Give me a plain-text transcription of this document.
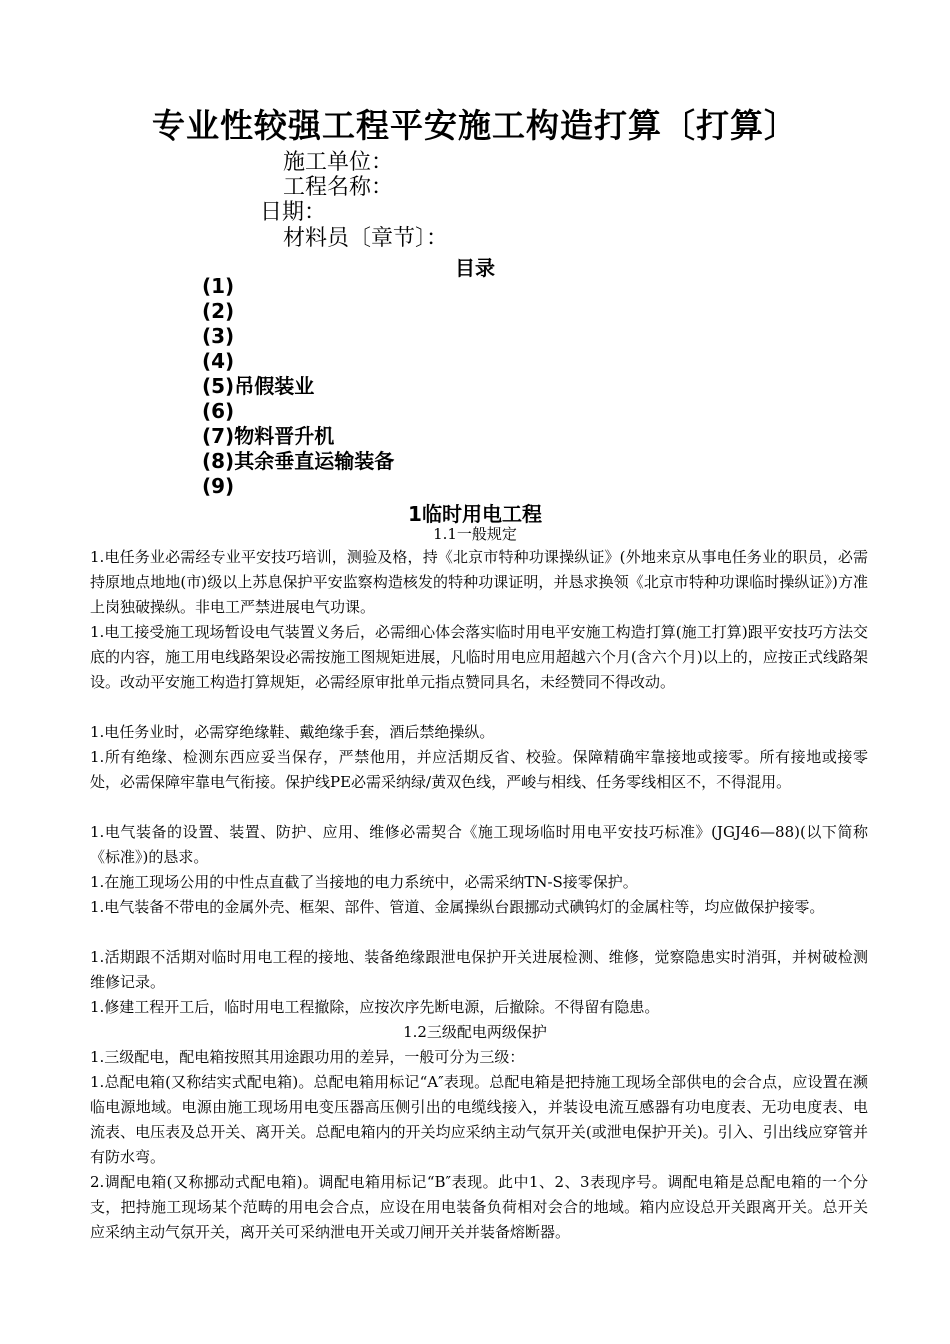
专业性较强工程平安施工构造打算〔打算〕
施工单位：
工程名称：
日期：
材料员〔章节〕：
目录
(1)
(2)
(3)
(4)
(5)吊假装业
(6)
(7)物料晋升机
(8)其余垂直运输装备
(9)
1临时用电工程
1.1一般规定
1.电任务业必需经专业平安技巧培训，测验及格，持《北京市特种功课操纵证》(外地来京从事电任务业的职员，必需持原地点地地(市)级以上苏息保护平安监察构造核发的特种功课证明，并恳求换领《北京市特种功课临时操纵证》)方准上岗独破操纵。非电工严禁进展电气功课。
1.电工接受施工现场暂设电气装置义务后，必需细心体会落实临时用电平安施工构造打算(施工打算)跟平安技巧方法交底的内容，施工用电线路架设必需按施工图规矩进展，凡临时用电应用超越六个月(含六个月)以上的，应按正式线路架设。改动平安施工构造打算规矩，必需经原审批单元指点赞同具名，未经赞同不得改动。
1.电任务业时，必需穿绝缘鞋、戴绝缘手套，酒后禁绝操纵。
1.所有绝缘、检测东西应妥当保存，严禁他用，并应活期反省、校验。保障精确牢靠接地或接零。所有接地或接零处，必需保障牢靠电气衔接。保护线PE必需采纳绿/黄双色线，严峻与相线、任务零线相区不，不得混用。
1.电气装备的设置、装置、防护、应用、维修必需契合《施工现场临时用电平安技巧标准》(JGJ46—88)(以下简称《标准》)的恳求。
1.在施工现场公用的中性点直截了当接地的电力系统中，必需采纳TN-S接零保护。
1.电气装备不带电的金属外壳、框架、部件、管道、金属操纵台跟挪动式碘钨灯的金属柱等，均应做保护接零。
1.活期跟不活期对临时用电工程的接地、装备绝缘跟泄电保护开关进展检测、维修，觉察隐患实时消弭，并树破检测维修记录。
1.修建工程开工后，临时用电工程撤除，应按次序先断电源，后撤除。不得留有隐患。
1.2三级配电两级保护
1.三级配电，配电箱按照其用途跟功用的差异，一般可分为三级：
1.总配电箱(又称结实式配电箱)。总配电箱用标记“A″表现。总配电箱是把持施工现场全部供电的会合点，应设置在濒临电源地域。电源由施工现场用电变压器高压侧引出的电缆线接入，并装设电流互感器有功电度表、无功电度表、电流表、电压表及总开关、离开关。总配电箱内的开关均应采纳主动气氛开关(或泄电保护开关)。引入、引出线应穿管并有防水弯。
2.调配电箱(又称挪动式配电箱)。调配电箱用标记“B″表现。此中1、2、3表现序号。调配电箱是总配电箱的一个分支，把持施工现场某个范畴的用电会合点，应设在用电装备负荷相对会合的地域。箱内应设总开关跟离开关。总开关应采纳主动气氛开关，离开关可采纳泄电开关或刀闸开关并装备熔断器。
